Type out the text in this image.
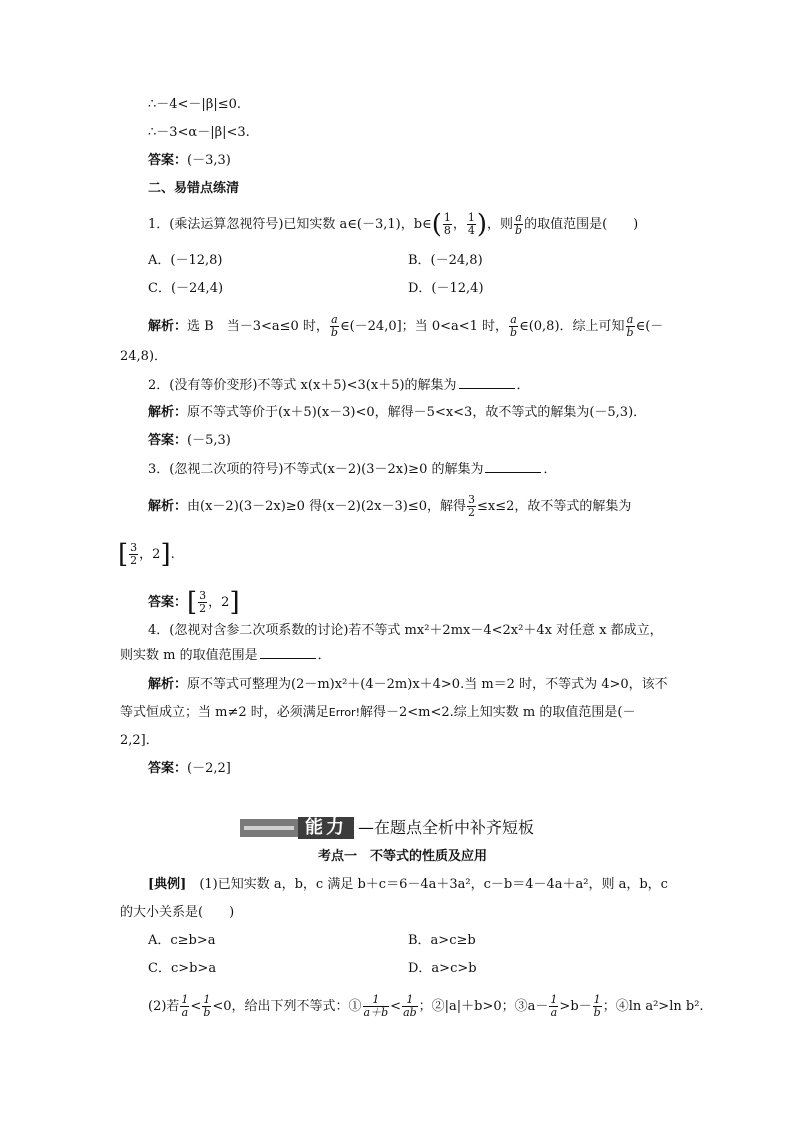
∴－4<－|β|≤0.
∴－3<α－|β|<3.
答案：(－3,3)
二、易错点练清
1．(乘法运算忽视符号)已知实数 a∈(－3,1)，b∈( $\frac{1}{8}$ ， $\frac{1}{4}$ )，则 $\frac{a}{b}$ 的取值范围是(　　)
A．(－12,8)	B．(－24,8)
C．(－24,4)	D．(－12,4)
解析：选 B　当－3<a≤0 时， $\frac{a}{b}$ ∈(－24,0]；当 0<a<1 时， $\frac{a}{b}$ ∈(0,8)．综上可知 $\frac{a}{b}$ ∈(－
24,8)．
2．(没有等价变形)不等式 x(x＋5)<3(x＋5)的解集为	．
解析：原不等式等价于(x＋5)(x－3)<0，解得－5<x<3，故不等式的解集为(－5,3)．
答案：(－5,3)
3．(忽视二次项的符号)不等式(x－2)(3－2x)≥0 的解集为	．
解析：由(x－2)(3－2x)≥0 得(x－2)(2x－3)≤0，解得 $\frac{3}{2} \le x\le 2$，故不等式的解集为
[ $\frac{3}{2}$ ，2].
答案：[ $\frac{3}{2}$ ，2]
4．(忽视对含参二次项系数的讨论)若不等式 mx²＋2mx－4<2x²＋4x 对任意 x 都成立，
则实数 m 的取值范围是	．
解析：原不等式可整理为(2－m)x²＋(4－2m)x＋4>0.当 m＝2 时，不等式为 4>0，该不
等式恒成立；当 m≠2 时，必须满足Error!解得－2<m<2.综上知实数 m 的取值范围是(－
2,2]．
答案：(－2,2]
能力 —在题点全析中补齐短板
考点一　不等式的性质及应用
[典例]　(1)已知实数 a，b，c 满足 b＋c＝6－4a＋3a²，c－b＝4－4a＋a²，则 a，b，c
的大小关系是(　　)
A．c≥b>a	B．a>c≥b
C．c>b>a	D．a>c>b
(2)若 $\frac{1}{a} < \frac{1}{b} <0$，给出下列不等式：① $\frac{1}{a+b} < \frac{1}{ab}$ ；②|a|＋b>0；③a－ $\frac{1}{a} >b- \frac{1}{b}$ ；④ln a²>ln b².
